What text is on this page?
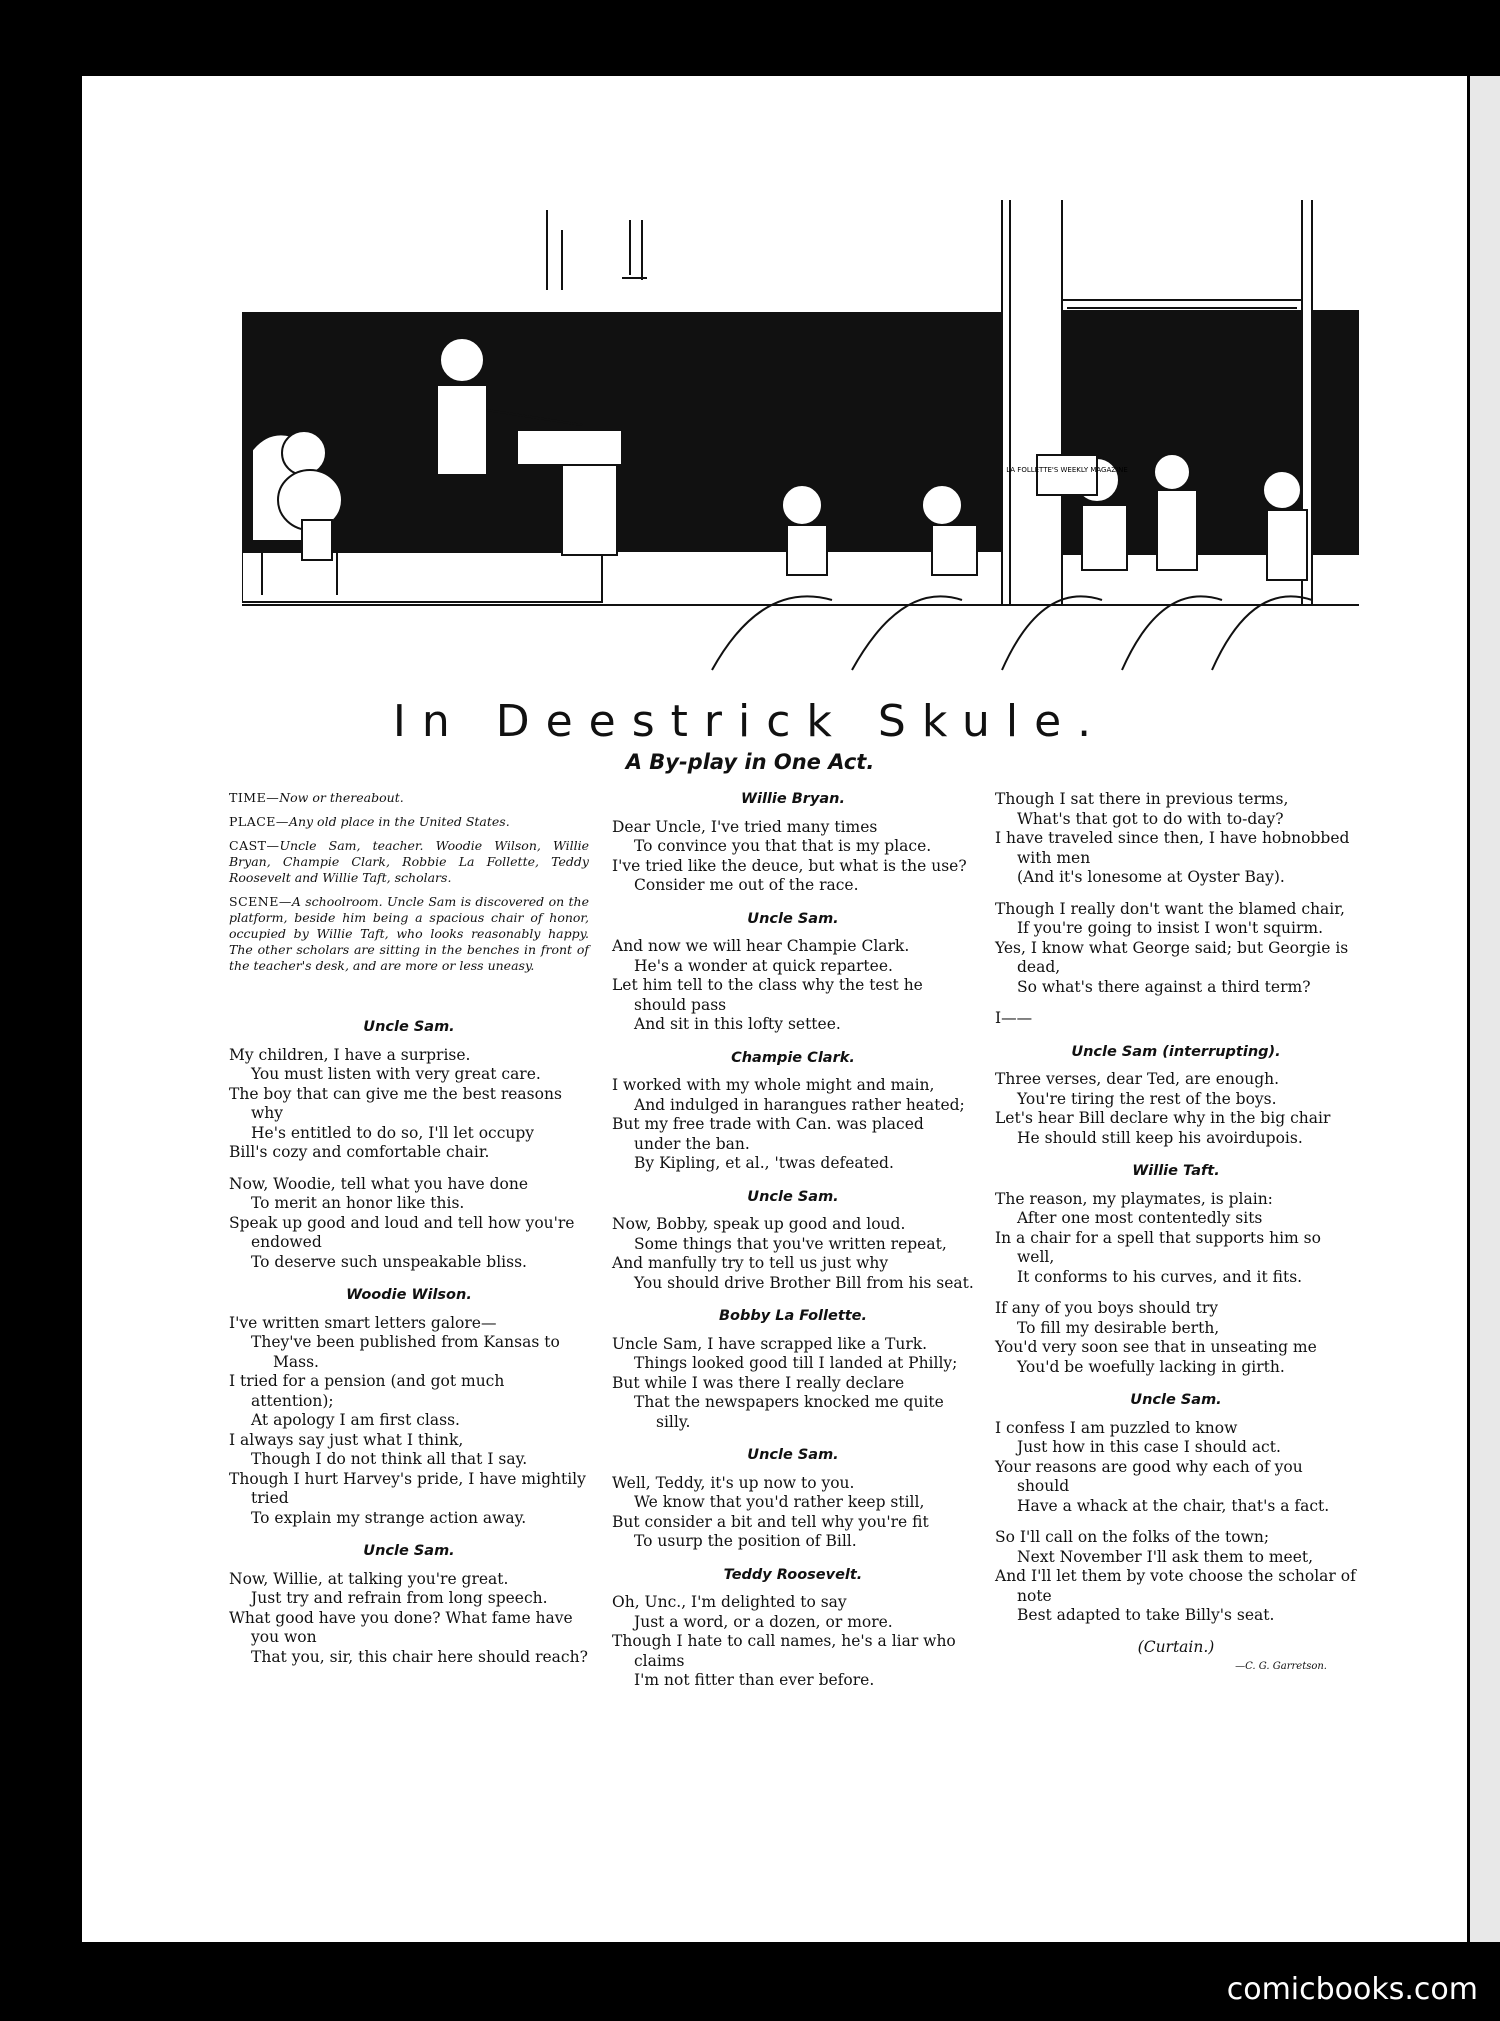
LA FOLLETTE'S WEEKLY MAGAZINE
In Deestrick Skule.
A By-play in One Act.
TIME—Now or thereabout.
PLACE—Any old place in the United States.
CAST—Uncle Sam, teacher. Woodie Wilson, Willie Bryan, Champie Clark, Robbie La Follette, Teddy Roosevelt and Willie Taft, scholars.
SCENE—A schoolroom. Uncle Sam is discovered on the platform, beside him being a spacious chair of honor, occupied by Willie Taft, who looks reasonably happy. The other scholars are sitting in the benches in front of the teacher's desk, and are more or less uneasy.
Uncle Sam.
My children, I have a surprise.
You must listen with very great care.
The boy that can give me the best reasons why
He's entitled to do so, I'll let occupy
Bill's cozy and comfortable chair.
Now, Woodie, tell what you have done
To merit an honor like this.
Speak up good and loud and tell how you're endowed
To deserve such unspeakable bliss.
Woodie Wilson.
I've written smart letters galore—
They've been published from Kansas to Mass.
I tried for a pension (and got much attention);
At apology I am first class.
I always say just what I think,
Though I do not think all that I say.
Though I hurt Harvey's pride, I have mightily tried
To explain my strange action away.
Uncle Sam.
Now, Willie, at talking you're great.
Just try and refrain from long speech.
What good have you done? What fame have you won
That you, sir, this chair here should reach?
Willie Bryan.
Dear Uncle, I've tried many times
To convince you that that is my place.
I've tried like the deuce, but what is the use?
Consider me out of the race.
Uncle Sam.
And now we will hear Champie Clark.
He's a wonder at quick repartee.
Let him tell to the class why the test he should pass
And sit in this lofty settee.
Champie Clark.
I worked with my whole might and main,
And indulged in harangues rather heated;
But my free trade with Can. was placed under the ban.
By Kipling, et al., 'twas defeated.
Uncle Sam.
Now, Bobby, speak up good and loud.
Some things that you've written repeat,
And manfully try to tell us just why
You should drive Brother Bill from his seat.
Bobby La Follette.
Uncle Sam, I have scrapped like a Turk.
Things looked good till I landed at Philly;
But while I was there I really declare
That the newspapers knocked me quite silly.
Uncle Sam.
Well, Teddy, it's up now to you.
We know that you'd rather keep still,
But consider a bit and tell why you're fit
To usurp the position of Bill.
Teddy Roosevelt.
Oh, Unc., I'm delighted to say
Just a word, or a dozen, or more.
Though I hate to call names, he's a liar who claims
I'm not fitter than ever before.
Though I sat there in previous terms,
What's that got to do with to-day?
I have traveled since then, I have hobnobbed with men
(And it's lonesome at Oyster Bay).
Though I really don't want the blamed chair,
If you're going to insist I won't squirm.
Yes, I know what George said; but Georgie is dead,
So what's there against a third term?
I——
Uncle Sam (interrupting).
Three verses, dear Ted, are enough.
You're tiring the rest of the boys.
Let's hear Bill declare why in the big chair
He should still keep his avoirdupois.
Willie Taft.
The reason, my playmates, is plain:
After one most contentedly sits
In a chair for a spell that supports him so well,
It conforms to his curves, and it fits.
If any of you boys should try
To fill my desirable berth,
You'd very soon see that in unseating me
You'd be woefully lacking in girth.
Uncle Sam.
I confess I am puzzled to know
Just how in this case I should act.
Your reasons are good why each of you should
Have a whack at the chair, that's a fact.
So I'll call on the folks of the town;
Next November I'll ask them to meet,
And I'll let them by vote choose the scholar of note
Best adapted to take Billy's seat.
(Curtain.)
—C. G. Garretson.
comicbooks.com
